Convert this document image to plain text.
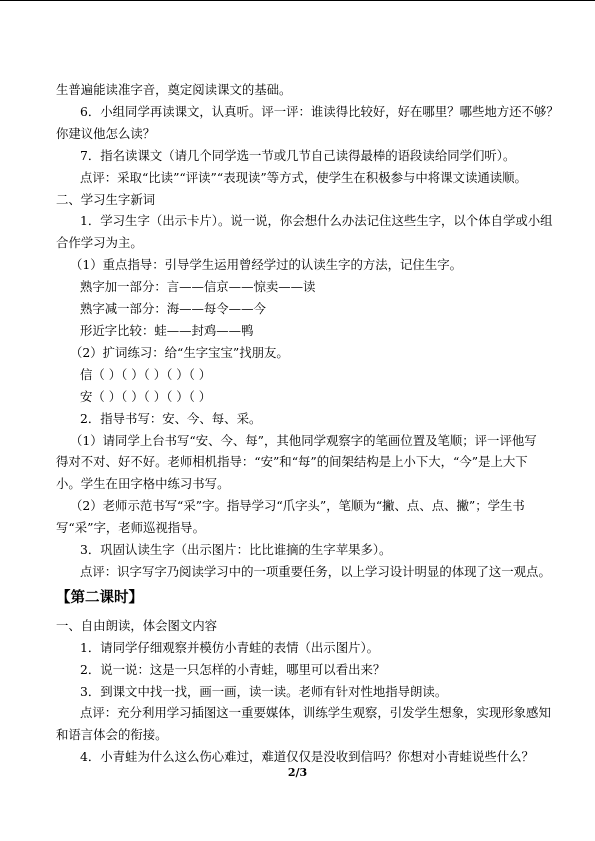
生普遍能读准字音，奠定阅读课文的基础。

6．小组同学再读课文，认真听。评一评：谁读得比较好，好在哪里？哪些地方还不够？

你建议他怎么读？

7．指名读课文（请几个同学选一节或几节自己读得最棒的语段读给同学们听）。

点评：采取“比读”“评读”“表现读”等方式，使学生在积极参与中将课文读通读顺。

二、学习生字新词

1．学习生字（出示卡片）。说一说，你会想什么办法记住这些生字，以个体自学或小组

合作学习为主。

（1）重点指导：引导学生运用曾经学过的认读生字的方法，记住生字。

熟字加一部分：言——信京——惊卖——读

熟字减一部分：海——每令——今

形近字比较：蛙——封鸡——鸭

（2）扩词练习：给“生字宝宝”找朋友。

信（ ）（ ）（ ）（ ）（ ）

安（ ）（ ）（ ）（ ）（ ）

2．指导书写：安、今、每、采。

（1）请同学上台书写“安、今、每”，其他同学观察字的笔画位置及笔顺；评一评他写

得对不对、好不好。老师相机指导：“安”和“每”的间架结构是上小下大，“今”是上大下

小。学生在田字格中练习书写。

（2）老师示范书写“采”字。指导学习“爪字头”，笔顺为“撇、点、点、撇”；学生书

写“采”字，老师巡视指导。

3．巩固认读生字（出示图片：比比谁摘的生字苹果多）。

点评：识字写字乃阅读学习中的一项重要任务，以上学习设计明显的体现了这一观点。

【第二课时】

一、自由朗读，体会图文内容

1．请同学仔细观察并模仿小青蛙的表情（出示图片）。

2．说一说：这是一只怎样的小青蛙，哪里可以看出来？

3．到课文中找一找，画一画，读一读。老师有针对性地指导朗读。

点评：充分利用学习插图这一重要媒体，训练学生观察，引发学生想象，实现形象感知

和语言体会的衔接。

4．小青蛙为什么这么伤心难过，难道仅仅是没收到信吗？你想对小青蛙说些什么？

2/3
